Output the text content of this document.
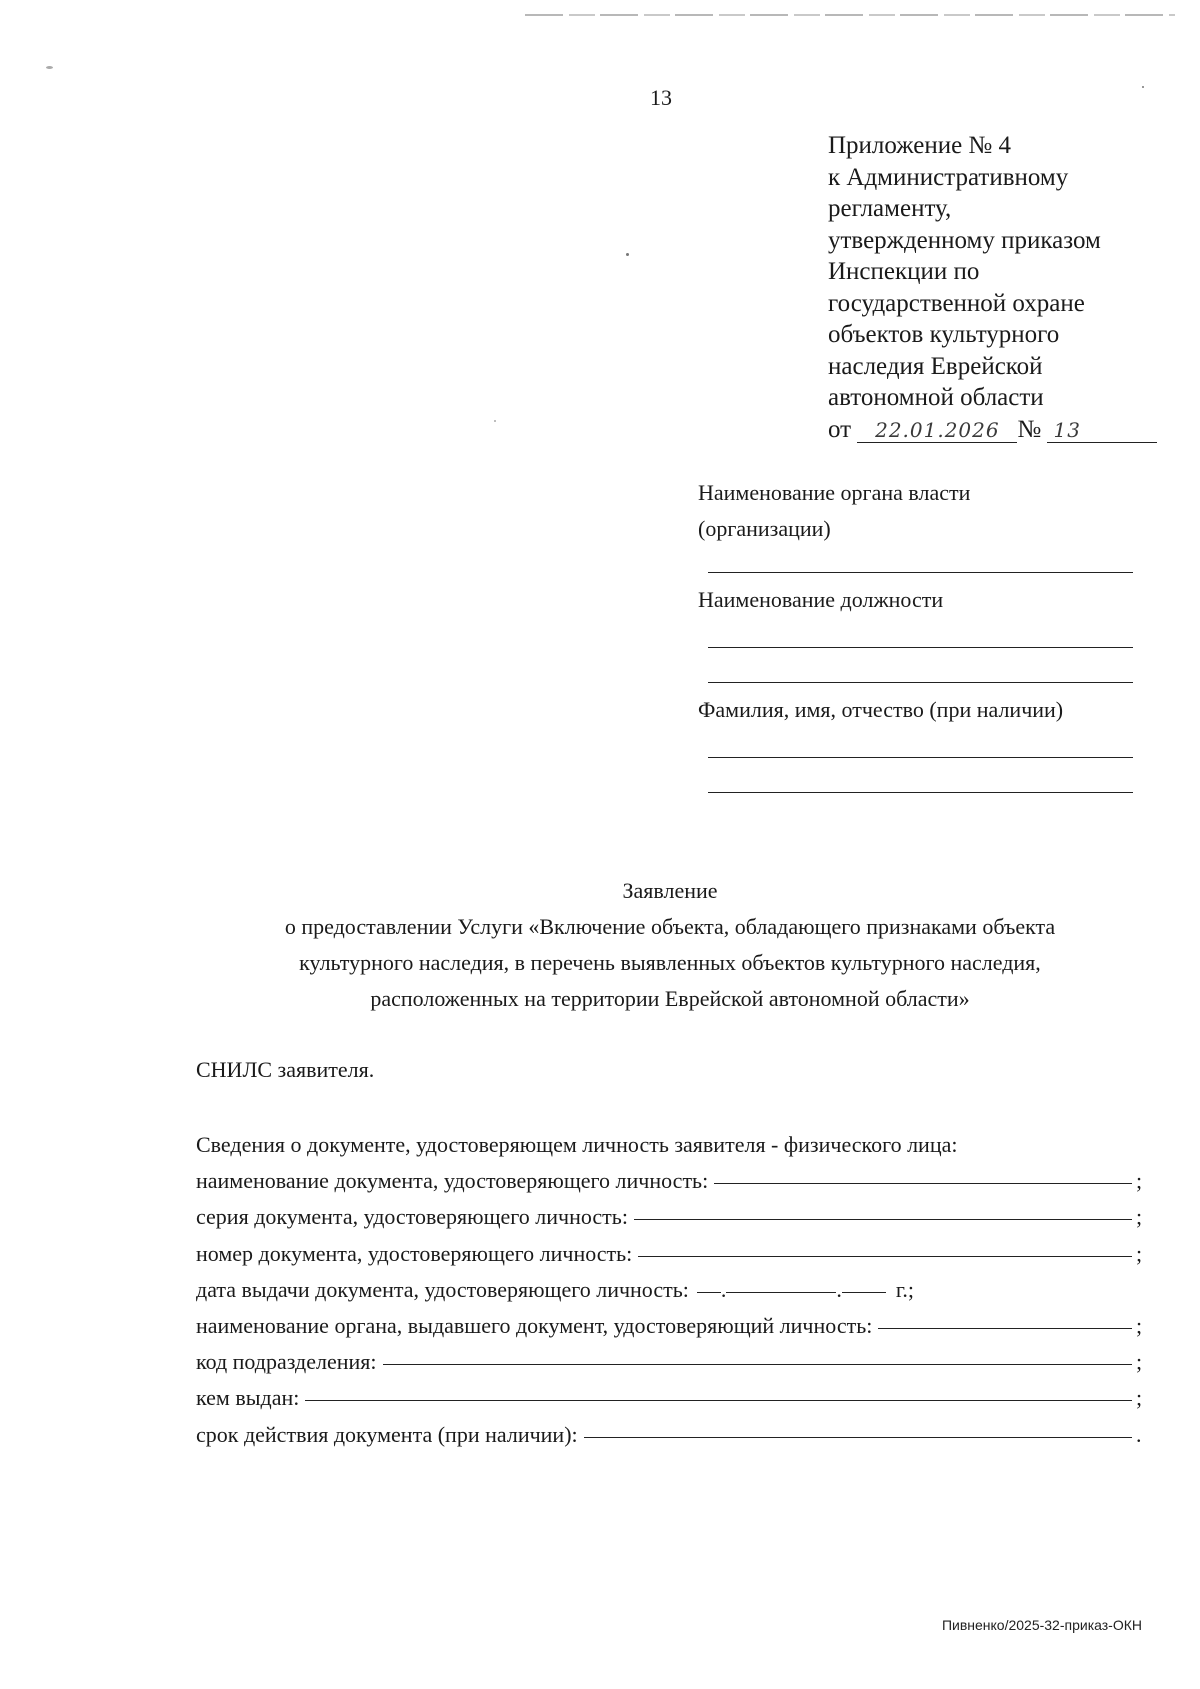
13
Приложение № 4
к Административному
регламенту,
утвержденному приказом
Инспекции по
государственной охране
объектов культурного
наследия Еврейской
автономной области
от 22.01.2026 № 13
Наименование органа власти
(организации)
Наименование должности
Фамилия, имя, отчество (при наличии)
Заявление
о предоставлении Услуги «Включение объекта, обладающего признаками объекта
культурного наследия, в перечень выявленных объектов культурного наследия,
расположенных на территории Еврейской автономной области»
СНИЛС заявителя.
Сведения о документе, удостоверяющем личность заявителя - физического лица:
наименование документа, удостоверяющего личность:	;
серия документа, удостоверяющего личность:	;
номер документа, удостоверяющего личность:	;
дата выдачи документа, удостоверяющего личность: .	. г.;
наименование органа, выдавшего документ, удостоверяющий личность:	;
код подразделения:	;
кем выдан:	;
срок действия документа (при наличии):	.
Пивненко/2025-32-приказ-ОКН
